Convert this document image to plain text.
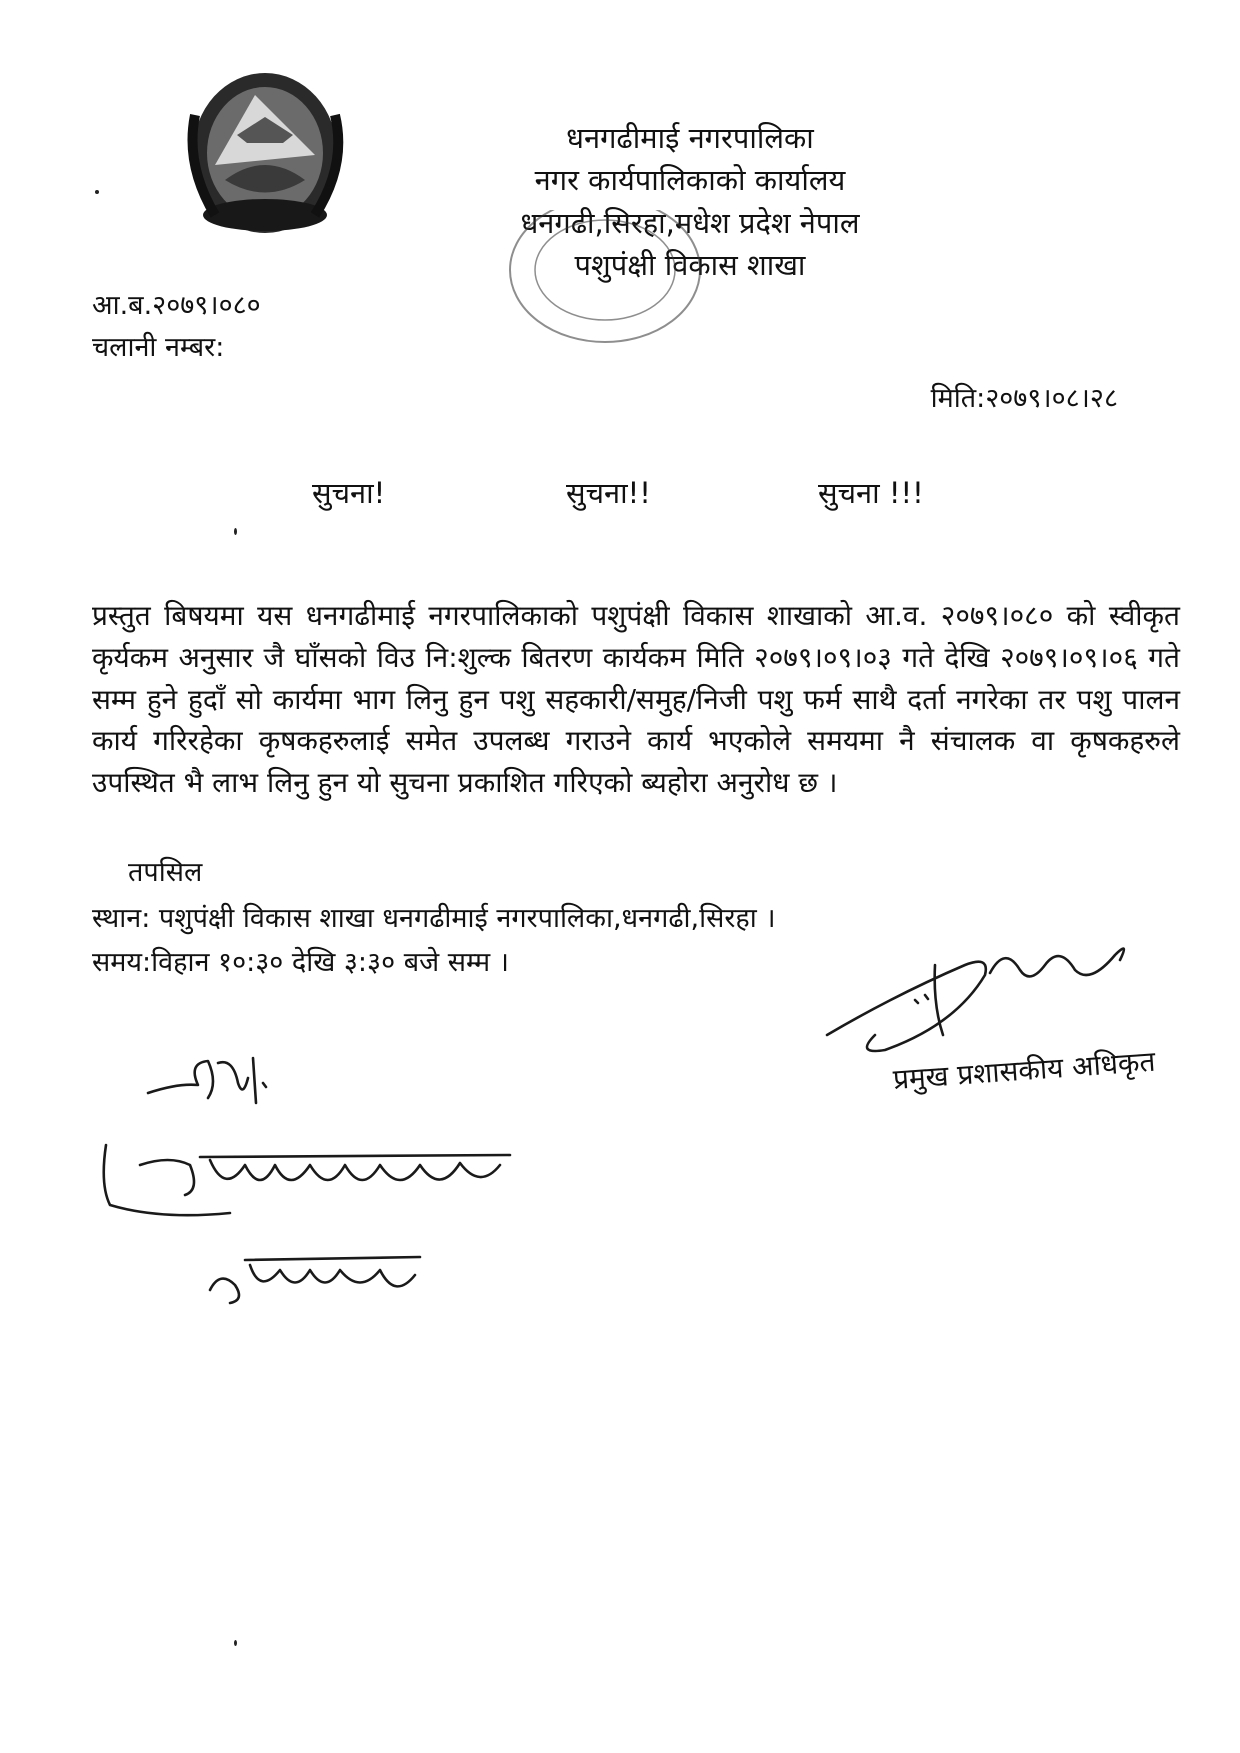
धनगढीमाई नगरपालिका
नगर कार्यपालिकाको कार्यालय
धनगढी,सिरहा,मधेश प्रदेश नेपाल
पशुपंक्षी विकास शाखा
आ.ब.२०७९।०८०
चलानी नम्बर:
मिति:२०७९।०८।२८
सुचना!	सुचना!!	सुचना !!!
प्रस्तुत बिषयमा यस धनगढीमाई नगरपालिकाको पशुपंक्षी विकास शाखाको आ.व. २०७९।०८० को स्वीकृत कृर्यकम अनुसार जै घाँसको विउ नि:शुल्क बितरण कार्यकम मिति २०७९।०९।०३ गते देखि २०७९।०९।०६ गते सम्म हुने हुदाँ सो कार्यमा भाग लिनु हुन पशु सहकारी/समुह/निजी पशु फर्म साथै दर्ता नगरेका तर पशु पालन कार्य गरिरहेका कृषकहरुलाई समेत उपलब्ध गराउने कार्य भएकोले समयमा नै संचालक वा कृषकहरुले उपस्थित भै लाभ लिनु हुन यो सुचना प्रकाशित गरिएको ब्यहोरा अनुरोध छ ।
तपसिल
स्थान: पशुपंक्षी विकास शाखा धनगढीमाई नगरपालिका,धनगढी,सिरहा ।
समय:विहान १०:३० देखि ३:३० बजे सम्म ।
प्रमुख प्रशासकीय अधिकृत
